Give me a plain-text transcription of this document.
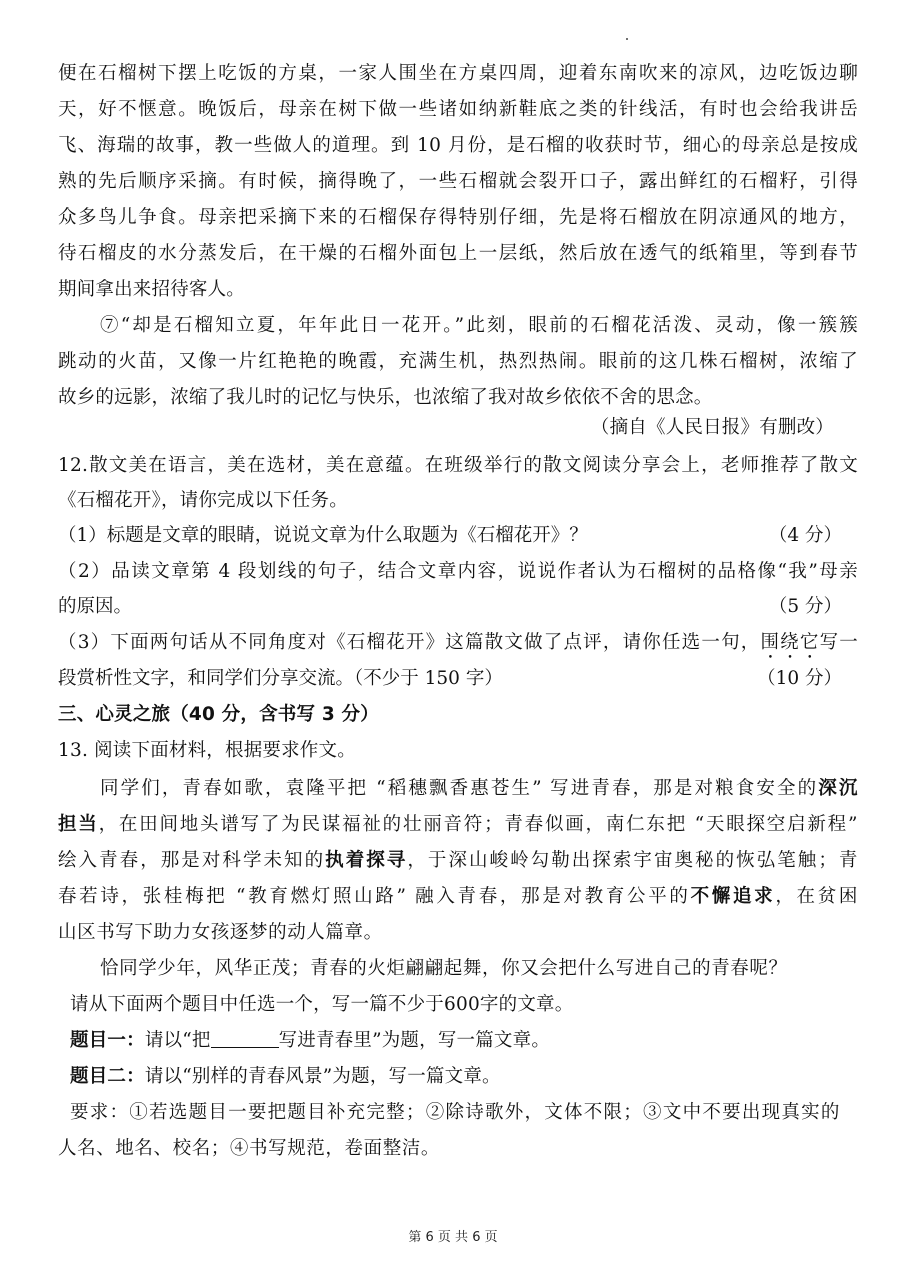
便在石榴树下摆上吃饭的方桌，一家人围坐在方桌四周，迎着东南吹来的凉风，边吃饭边聊
天，好不惬意。晚饭后，母亲在树下做一些诸如纳新鞋底之类的针线活，有时也会给我讲岳
飞、海瑞的故事，教一些做人的道理。到 10 月份，是石榴的收获时节，细心的母亲总是按成
熟的先后顺序采摘。有时候，摘得晚了，一些石榴就会裂开口子，露出鲜红的石榴籽，引得
众多鸟儿争食。母亲把采摘下来的石榴保存得特别仔细，先是将石榴放在阴凉通风的地方，
待石榴皮的水分蒸发后，在干燥的石榴外面包上一层纸，然后放在透气的纸箱里，等到春节
期间拿出来招待客人。
⑦“却是石榴知立夏，年年此日一花开。”此刻，眼前的石榴花活泼、灵动，像一簇簇
跳动的火苗，又像一片红艳艳的晚霞，充满生机，热烈热闹。眼前的这几株石榴树，浓缩了
故乡的远影，浓缩了我儿时的记忆与快乐，也浓缩了我对故乡依依不舍的思念。
（摘自《人民日报》有删改）
12.散文美在语言，美在选材，美在意蕴。在班级举行的散文阅读分享会上，老师推荐了散文
《石榴花开》，请你完成以下任务。
（1）标题是文章的眼睛，说说文章为什么取题为《石榴花开》？	（4 分）
（2）品读文章第 4 段划线的句子，结合文章内容，说说作者认为石榴树的品格像“我”母亲
的原因。	（5 分）
（3）下面两句话从不同角度对《石榴花开》这篇散文做了点评，请你任选一句，围绕它写一
段赏析性文字，和同学们分享交流。（不少于 150 字）	（10 分）
三、心灵之旅（40 分，含书写 3 分）
13. 阅读下面材料，根据要求作文。
同学们，青春如歌，袁隆平把 “稻穗飘香惠苍生” 写进青春，那是对粮食安全的深沉
担当，在田间地头谱写了为民谋福祉的壮丽音符；青春似画，南仁东把 “天眼探空启新程”
绘入青春，那是对科学未知的执着探寻，于深山峻岭勾勒出探索宇宙奥秘的恢弘笔触；青
春若诗，张桂梅把 “教育燃灯照山路” 融入青春，那是对教育公平的不懈追求，在贫困
山区书写下助力女孩逐梦的动人篇章。
恰同学少年，风华正茂；青春的火炬翩翩起舞，你又会把什么写进自己的青春呢？
请从下面两个题目中任选一个，写一篇不少于600字的文章。
题目一：请以“把	写进青春里”为题，写一篇文章。
题目二：请以“别样的青春风景”为题，写一篇文章。
要求：①若选题目一要把题目补充完整；②除诗歌外，文体不限；③文中不要出现真实的
人名、地名、校名；④书写规范，卷面整洁。
第 6 页 共 6 页
